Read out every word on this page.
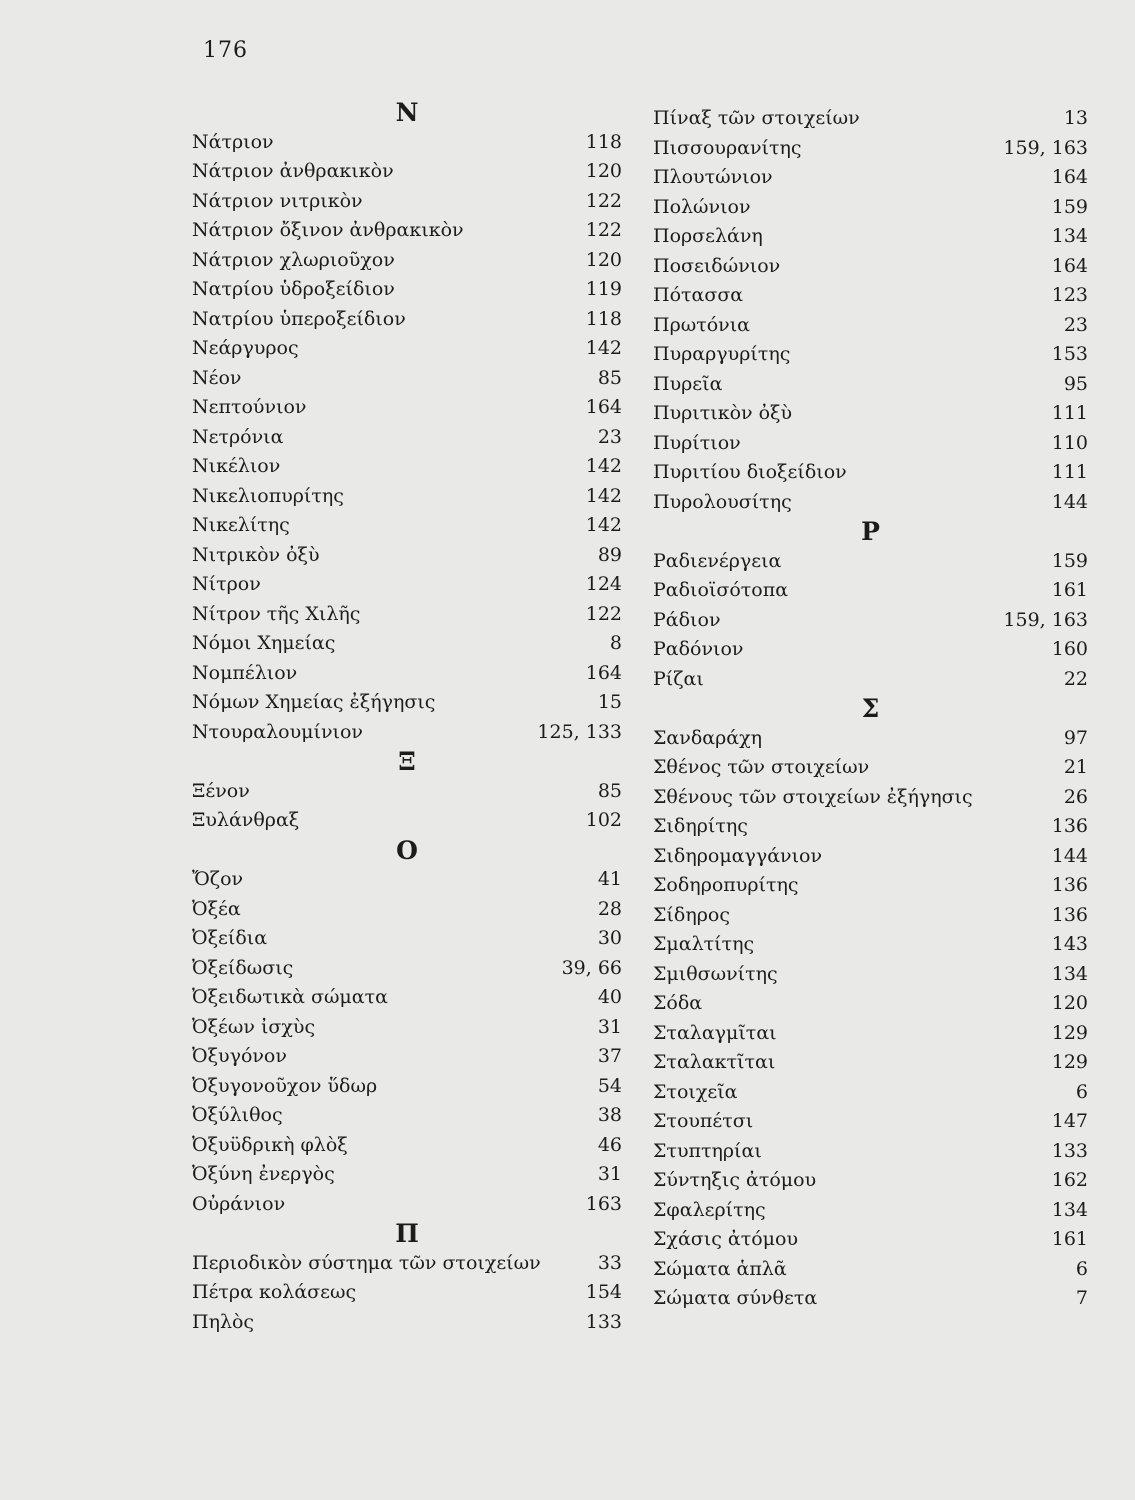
176
Ν
Νάτριον	118
Νάτριον ἀνθρακικὸν	120
Νάτριον νιτρικὸν	122
Νάτριον ὄξινον ἀνθρακικὸν	122
Νάτριον χλωριοῦχον	120
Νατρίου ὑδροξείδιον	119
Νατρίου ὑπεροξείδιον	118
Νεάργυρος	142
Νέον	85
Νεπτούνιον	164
Νετρόνια	23
Νικέλιον	142
Νικελιοπυρίτης	142
Νικελίτης	142
Νιτρικὸν ὀξὺ	89
Νίτρον	124
Νίτρον τῆς Χιλῆς	122
Νόμοι Χημείας	8
Νομπέλιον	164
Νόμων Χημείας ἐξήγησις	15
Ντουραλουμίνιον	125, 133
Ξ
Ξένον	85
Ξυλάνθραξ	102
Ο
Ὄζον	41
Ὀξέα	28
Ὀξείδια	30
Ὀξείδωσις	39, 66
Ὀξειδωτικὰ σώματα	40
Ὀξέων ἰσχὺς	31
Ὀξυγόνον	37
Ὀξυγονοῦχον ὕδωρ	54
Ὀξύλιθος	38
Ὀξυϋδρικὴ φλὸξ	46
Ὀξύνη ἐνεργὸς	31
Οὐράνιον	163
Π
Περιοδικὸν σύστημα τῶν στοιχείων	33
Πέτρα κολάσεως	154
Πηλὸς	133
Πίναξ τῶν στοιχείων	13
Πισσουρανίτης	159, 163
Πλουτώνιον	164
Πολώνιον	159
Πορσελάνη	134
Ποσειδώνιον	164
Πότασσα	123
Πρωτόνια	23
Πυραργυρίτης	153
Πυρεῖα	95
Πυριτικὸν ὀξὺ	111
Πυρίτιον	110
Πυριτίου διοξείδιον	111
Πυρολουσίτης	144
Ρ
Ραδιενέργεια	159
Ραδιοϊσότοπα	161
Ράδιον	159, 163
Ραδόνιον	160
Ρίζαι	22
Σ
Σανδαράχη	97
Σθένος τῶν στοιχείων	21
Σθένους τῶν στοιχείων ἐξήγησις	26
Σιδηρίτης	136
Σιδηρομαγγάνιον	144
Σοδηροπυρίτης	136
Σίδηρος	136
Σμαλτίτης	143
Σμιθσωνίτης	134
Σόδα	120
Σταλαγμῖται	129
Σταλακτῖται	129
Στοιχεῖα	6
Στουπέτσι	147
Στυπτηρίαι	133
Σύντηξις ἀτόμου	162
Σφαλερίτης	134
Σχάσις ἀτόμου	161
Σώματα ἁπλᾶ	6
Σώματα σύνθετα	7
